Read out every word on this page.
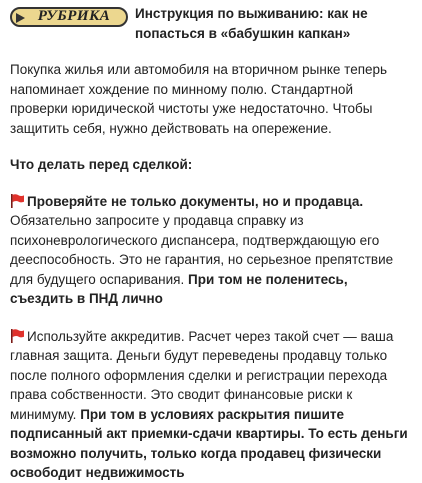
РУБРИКА Инструкция по выживанию: как не попасться в «бабушкин капкан»

Покупка жилья или автомобиля на вторичном рынке теперь напоминает хождение по минному полю. Стандартной проверки юридической чистоты уже недостаточно. Чтобы защитить себя, нужно действовать на опережение.

Что делать перед сделкой:

Проверяйте не только документы, но и продавца. Обязательно запросите у продавца справку из психоневрологического диспансера, подтверждающую его дееспособность. Это не гарантия, но серьезное препятствие для будущего оспаривания. При том не поленитесь, съездить в ПНД лично

Используйте аккредитив. Расчет через такой счет — ваша главная защита. Деньги будут переведены продавцу только после полного оформления сделки и регистрации перехода права собственности. Это сводит финансовые риски к минимуму. При том в условиях раскрытия пишите подписанный акт приемки-сдачи квартиры. То есть деньги возможно получить, только когда продавец физически освободит недвижимость
